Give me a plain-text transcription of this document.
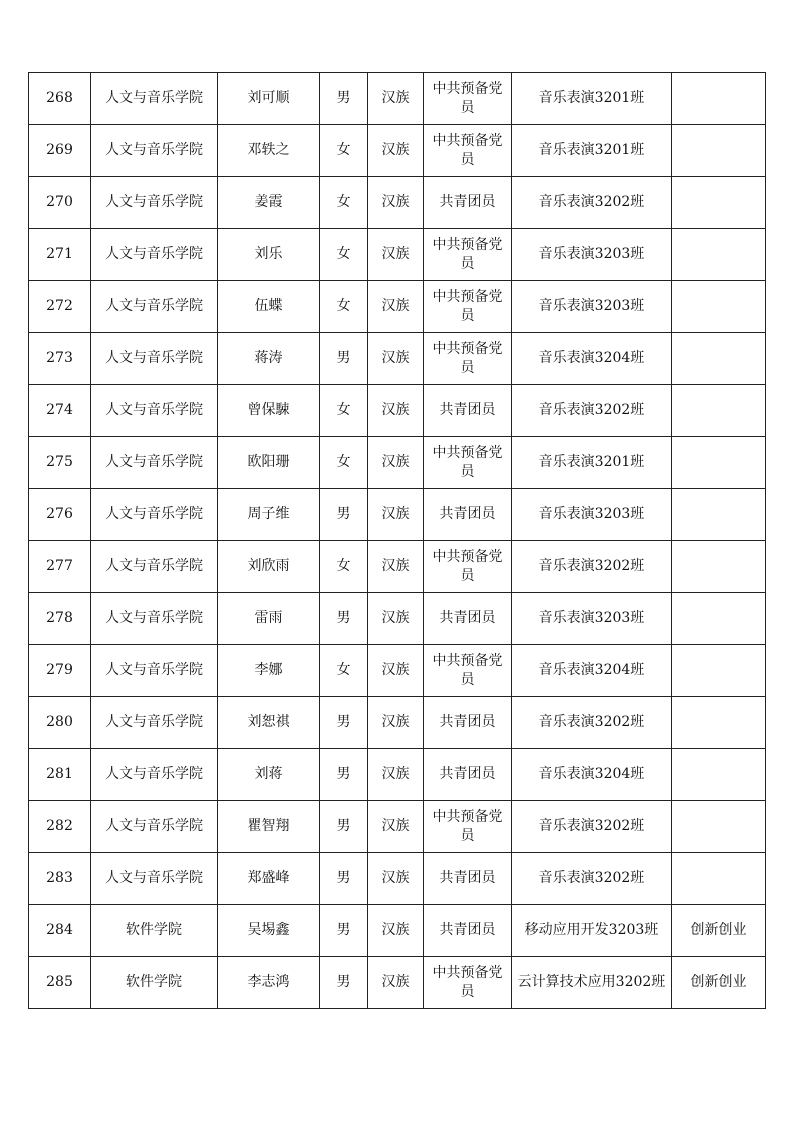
268	人文与音乐学院	刘可顺	男	汉族	中共预备党员	音乐表演3201班	
269	人文与音乐学院	邓轶之	女	汉族	中共预备党员	音乐表演3201班	
270	人文与音乐学院	姜霞	女	汉族	共青团员	音乐表演3202班	
271	人文与音乐学院	刘乐	女	汉族	中共预备党员	音乐表演3203班	
272	人文与音乐学院	伍蝶	女	汉族	中共预备党员	音乐表演3203班	
273	人文与音乐学院	蒋涛	男	汉族	中共预备党员	音乐表演3204班	
274	人文与音乐学院	曾保駷	女	汉族	共青团员	音乐表演3202班	
275	人文与音乐学院	欧阳珊	女	汉族	中共预备党员	音乐表演3201班	
276	人文与音乐学院	周子维	男	汉族	共青团员	音乐表演3203班	
277	人文与音乐学院	刘欣雨	女	汉族	中共预备党员	音乐表演3202班	
278	人文与音乐学院	雷雨	男	汉族	共青团员	音乐表演3203班	
279	人文与音乐学院	李娜	女	汉族	中共预备党员	音乐表演3204班	
280	人文与音乐学院	刘恕祺	男	汉族	共青团员	音乐表演3202班	
281	人文与音乐学院	刘蒋	男	汉族	共青团员	音乐表演3204班	
282	人文与音乐学院	瞿智翔	男	汉族	中共预备党员	音乐表演3202班	
283	人文与音乐学院	郑盛峰	男	汉族	共青团员	音乐表演3202班	
284	软件学院	吴埸鑫	男	汉族	共青团员	移动应用开发3203班	创新创业
285	软件学院	李志鸿	男	汉族	中共预备党员	云计算技术应用3202班	创新创业
